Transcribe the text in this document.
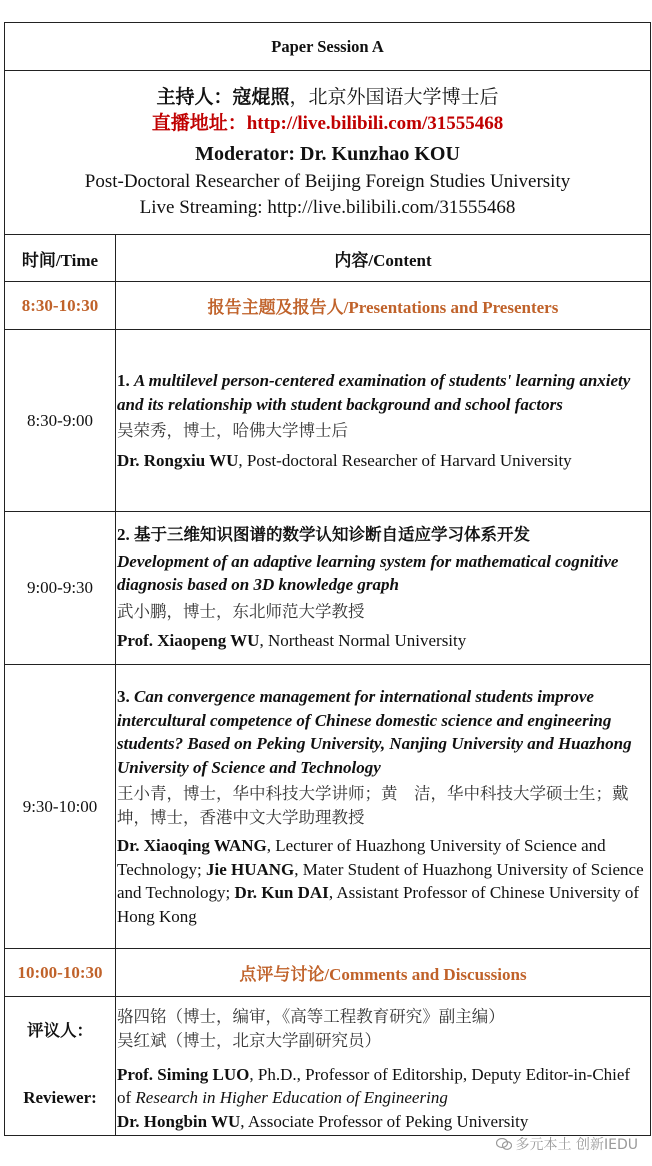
Paper Session A	

主持人：寇焜照，北京外国语大学博士后
直播地址：http://live.bilibili.com/31555468
Moderator: Dr. Kunzhao KOU
Post-Doctoral Researcher of Beijing Foreign Studies University
Live Streaming: http://live.bilibili.com/31555468	

时间/Time	内容/Content
8:30-10:30	报告主题及报告人/Presentations and Presenters
8:30-9:00	1. A multilevel person-centered examination of students' learning anxiety and its relationship with student background and school factors

吴荣秀，博士，哈佛大学博士后

Dr. Rongxiu WU, Post-doctoral Researcher of Harvard University

9:00-9:30	2. 基于三维知识图谱的数学认知诊断自适应学习体系开发

Development of an adaptive learning system for mathematical cognitive diagnosis based on 3D knowledge graph

武小鹏，博士，东北师范大学教授

Prof. Xiaopeng WU, Northeast Normal University

9:30-10:00	3. Can convergence management for international students improve intercultural competence of Chinese domestic science and engineering students? Based on Peking University, Nanjing University and Huazhong University of Science and Technology

王小青，博士，华中科技大学讲师；黄　洁，华中科技大学硕士生；戴　坤，博士，香港中文大学助理教授

Dr. Xiaoqing WANG, Lecturer of Huazhong University of Science and Technology; Jie HUANG, Mater Student of Huazhong University of Science and Technology; Dr. Kun DAI, Assistant Professor of Chinese University of Hong Kong

10:00-10:30	点评与讨论/Comments and Discussions
评议人：	骆四铭（博士，编审，《高等工程教育研究》副主编）

吴红斌（博士，北京大学副研究员）

Reviewer:	Prof. Siming LUO, Ph.D., Professor of Editorship, Deputy Editor-in-Chief of Research in Higher Education of Engineering

Dr. Hongbin WU, Associate Professor of Peking University

多元本土 创新IEDU
